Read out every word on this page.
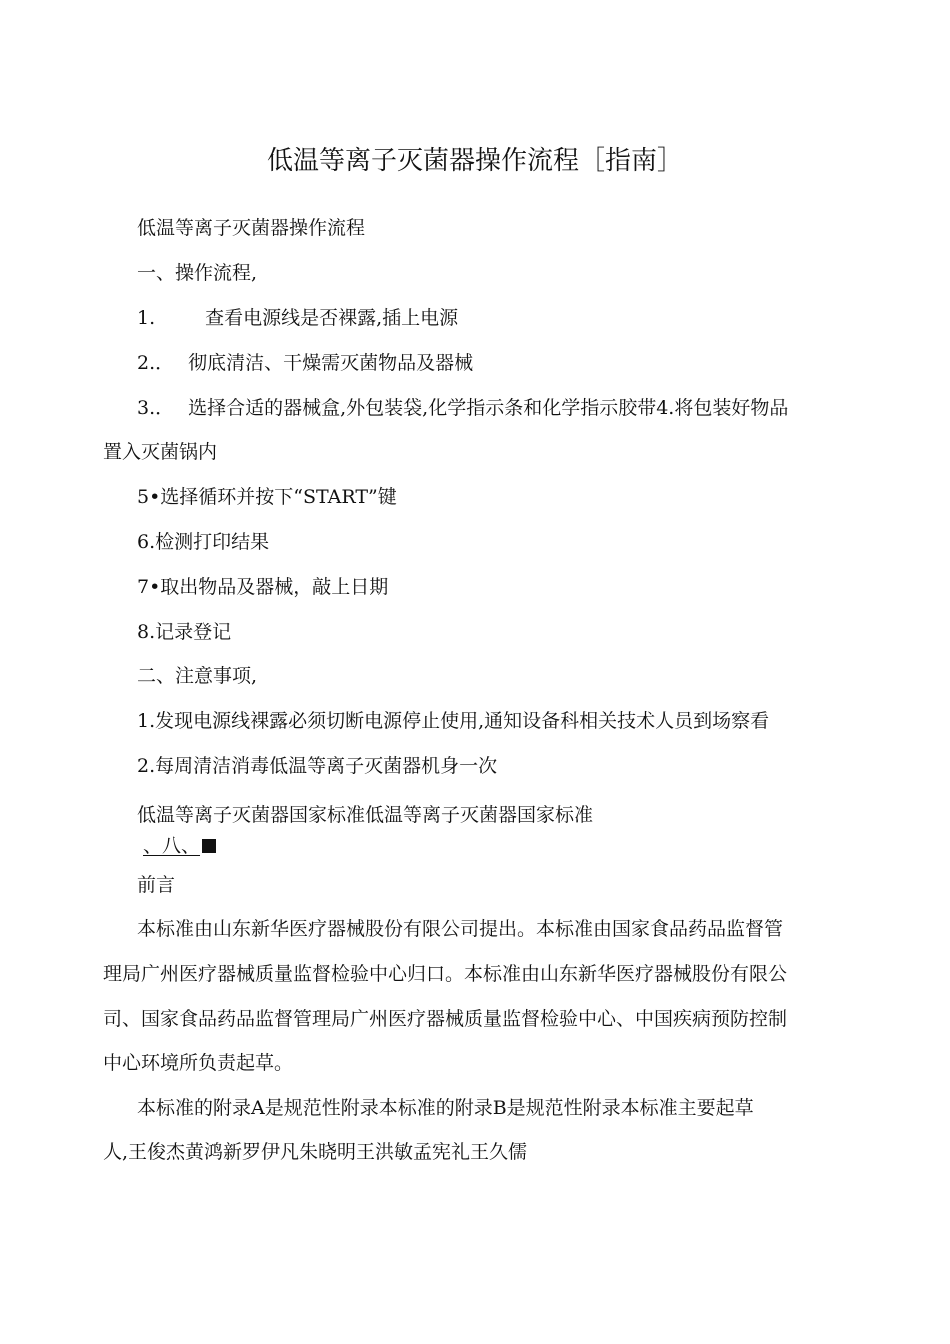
低温等离子灭菌器操作流程［指南］
低温等离子灭菌器操作流程
一、操作流程,
1.	查看电源线是否裸露,插上电源
2.． 彻底清洁、干燥需灭菌物品及器械
3.． 选择合适的器械盒,外包装袋,化学指示条和化学指示胶带4.将包装好物品
置入灭菌锅内
5•选择循环并按下“START”键
6.检测打印结果
7•取出物品及器械，敲上日期
8.记录登记
二、注意事项,
1.发现电源线裸露必须切断电源停止使用,通知设备科相关技术人员到场察看
2.每周清洁消毒低温等离子灭菌器机身一次
低温等离子灭菌器国家标准低温等离子灭菌器国家标准
、八、
前言
本标准由山东新华医疗器械股份有限公司提出。本标准由国家食品药品监督管
理局广州医疗器械质量监督检验中心归口。本标准由山东新华医疗器械股份有限公
司、国家食品药品监督管理局广州医疗器械质量监督检验中心、中国疾病预防控制
中心环境所负责起草。
本标准的附录A是规范性附录本标准的附录B是规范性附录本标准主要起草
人,王俊杰黄鸿新罗伊凡朱晓明王洪敏孟宪礼王久儒
